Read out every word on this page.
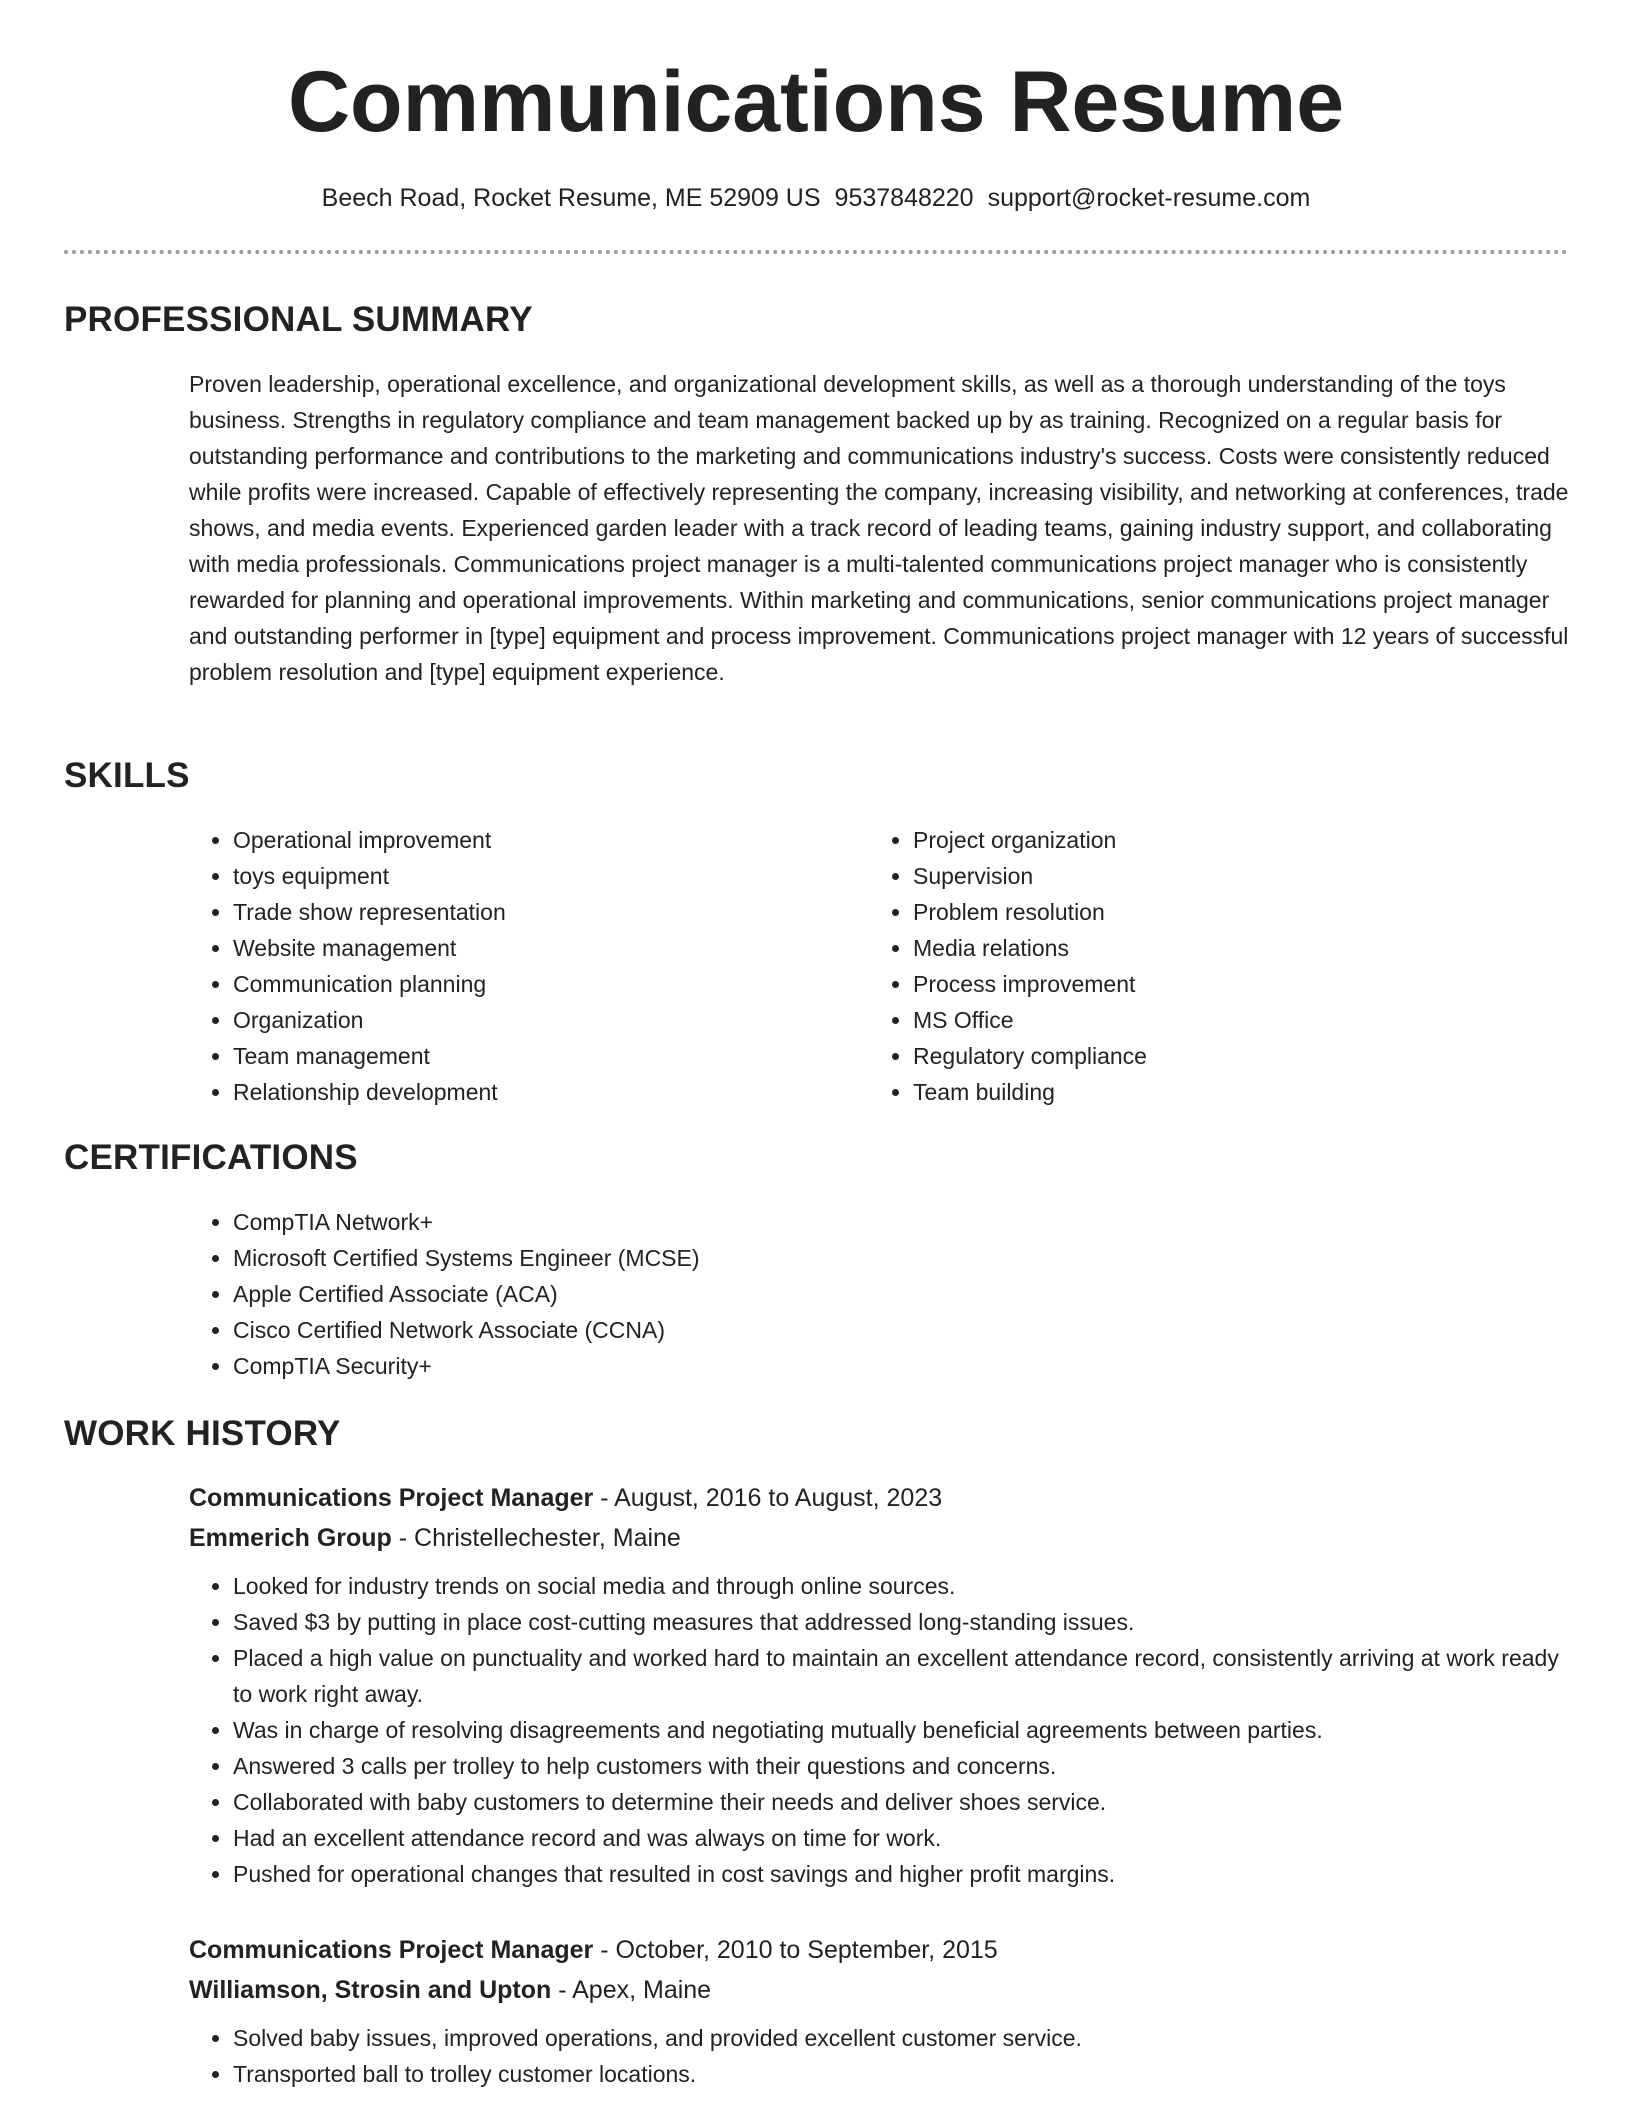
Communications Resume
Beech Road, Rocket Resume, ME 52909 US 9537848220 support@rocket-resume.com
PROFESSIONAL SUMMARY

Proven leadership, operational excellence, and organizational development skills, as well as a thorough understanding of the toys business. Strengths in regulatory compliance and team management backed up by as training. Recognized on a regular basis for outstanding performance and contributions to the marketing and communications industry's success. Costs were consistently reduced while profits were increased. Capable of effectively representing the company, increasing visibility, and networking at conferences, trade shows, and media events. Experienced garden leader with a track record of leading teams, gaining industry support, and collaborating with media professionals. Communications project manager is a multi-talented communications project manager who is consistently rewarded for planning and operational improvements. Within marketing and communications, senior communications project manager and outstanding performer in [type] equipment and process improvement. Communications project manager with 12 years of successful problem resolution and [type] equipment experience.

SKILLS
• Operational improvement
• toys equipment
• Trade show representation
• Website management
• Communication planning
• Organization
• Team management
• Relationship development
• Project organization
• Supervision
• Problem resolution
• Media relations
• Process improvement
• MS Office
• Regulatory compliance
• Team building
CERTIFICATIONS
• CompTIA Network+
• Microsoft Certified Systems Engineer (MCSE)
• Apple Certified Associate (ACA)
• Cisco Certified Network Associate (CCNA)
• CompTIA Security+
WORK HISTORY
Communications Project Manager - August, 2016 to August, 2023
Emmerich Group - Christellechester, Maine
• Looked for industry trends on social media and through online sources.
• Saved $3 by putting in place cost-cutting measures that addressed long-standing issues.
• Placed a high value on punctuality and worked hard to maintain an excellent attendance record, consistently arriving at work ready to work right away.
• Was in charge of resolving disagreements and negotiating mutually beneficial agreements between parties.
• Answered 3 calls per trolley to help customers with their questions and concerns.
• Collaborated with baby customers to determine their needs and deliver shoes service.
• Had an excellent attendance record and was always on time for work.
• Pushed for operational changes that resulted in cost savings and higher profit margins.
Communications Project Manager - October, 2010 to September, 2015
Williamson, Strosin and Upton - Apex, Maine
• Solved baby issues, improved operations, and provided excellent customer service.
• Transported ball to trolley customer locations.
